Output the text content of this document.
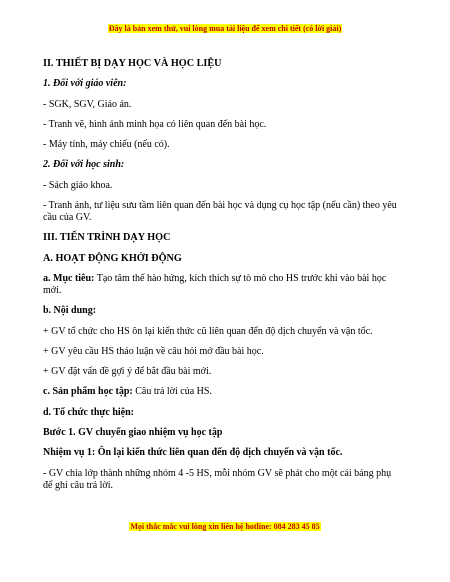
Đây là bản xem thử, vui lòng mua tài liệu để xem chi tiết (có lời giải)
II. THIẾT BỊ DẠY HỌC VÀ HỌC LIỆU
1. Đối với giáo viên:
- SGK, SGV, Giáo án.
- Tranh vẽ, hình ảnh minh họa có liên quan đến bài học.
- Máy tính, máy chiếu (nếu có).
2. Đối với học sinh:
- Sách giáo khoa.
- Tranh ảnh, tư liệu sưu tầm liên quan đến bài học và dụng cụ học tập (nếu cần) theo yêu
cầu của GV.
III. TIẾN TRÌNH DẠY HỌC
A. HOẠT ĐỘNG KHỞI ĐỘNG
a. Mục tiêu: Tạo tâm thế hào hứng, kích thích sự tò mò cho HS trước khi vào bài học
mới.
b. Nội dung:
+ GV tổ chức cho HS ôn lại kiến thức cũ liên quan đến độ dịch chuyển và vận tốc.
+ GV yêu cầu HS thảo luận về câu hỏi mở đầu bài học.
+ GV đặt vấn đề gợi ý để bắt đầu bài mới.
c. Sản phẩm học tập: Câu trả lời của HS.
d. Tổ chức thực hiện:
Bước 1. GV chuyển giao nhiệm vụ học tập
Nhiệm vụ 1: Ôn lại kiến thức liên quan đến độ dịch chuyển và vận tốc.
- GV chia lớp thành những nhóm 4 -5 HS, mỗi nhóm GV sẽ phát cho một cái bảng phụ
để ghi câu trả lời.
Mọi thắc mắc vui lòng xin liên hệ hotline: 084 283 45 85
